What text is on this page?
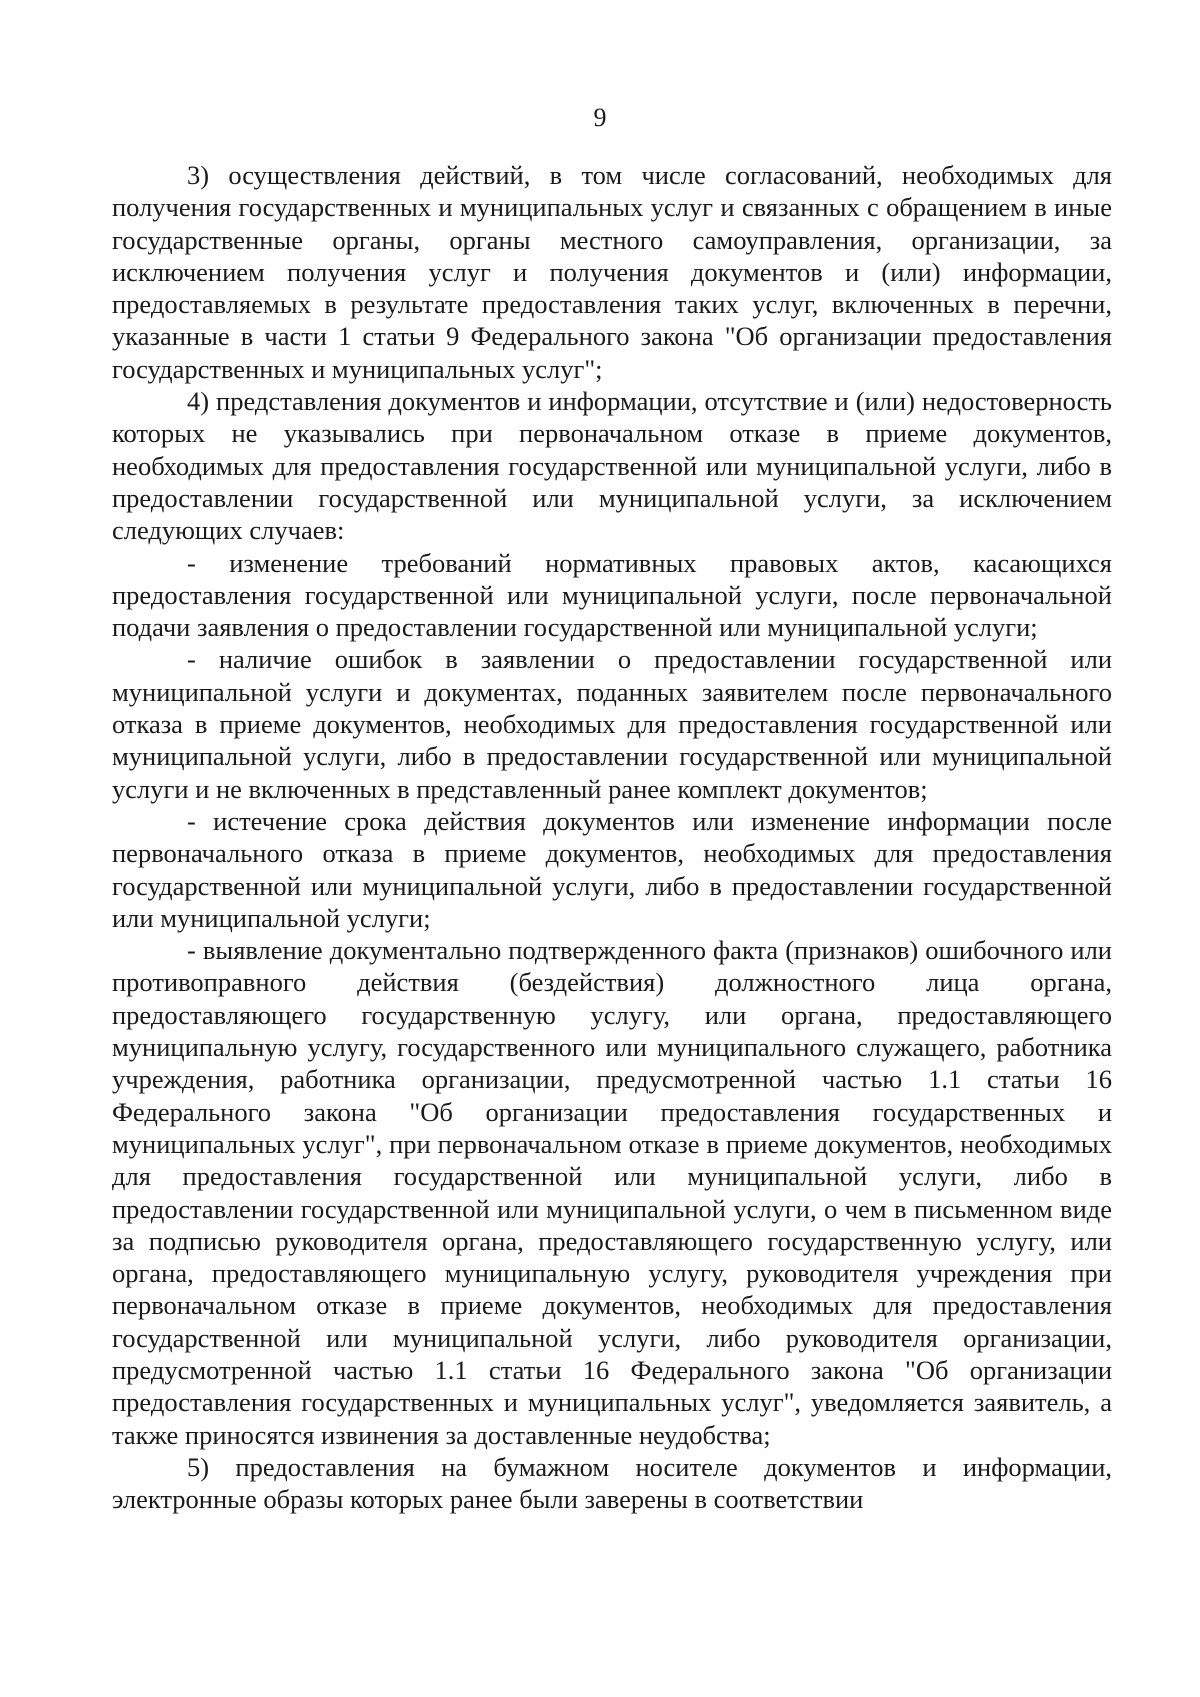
9

3) осуществления действий, в том числе согласований, необходимых для получения государственных и муниципальных услуг и связанных с обращением в иные государственные органы, органы местного самоуправления, организации, за исключением получения услуг и получения документов и (или) информации, предоставляемых в результате предоставления таких услуг, включенных в перечни, указанные в части 1 статьи 9 Федерального закона "Об организации предоставления государственных и муниципальных услуг";

4) представления документов и информации, отсутствие и (или) недостоверность которых не указывались при первоначальном отказе в приеме документов, необходимых для предоставления государственной или муниципальной услуги, либо в предоставлении государственной или муниципальной услуги, за исключением следующих случаев:

- изменение требований нормативных правовых актов, касающихся предоставления государственной или муниципальной услуги, после первоначальной подачи заявления о предоставлении государственной или муниципальной услуги;

- наличие ошибок в заявлении о предоставлении государственной или муниципальной услуги и документах, поданных заявителем после первоначального отказа в приеме документов, необходимых для предоставления государственной или муниципальной услуги, либо в предоставлении государственной или муниципальной услуги и не включенных в представленный ранее комплект документов;

- истечение срока действия документов или изменение информации после первоначального отказа в приеме документов, необходимых для предоставления государственной или муниципальной услуги, либо в предоставлении государственной или муниципальной услуги;

- выявление документально подтвержденного факта (признаков) ошибочного или противоправного действия (бездействия) должностного лица органа, предоставляющего государственную услугу, или органа, предоставляющего муниципальную услугу, государственного или муниципального служащего, работника учреждения, работника организации, предусмотренной частью 1.1 статьи 16 Федерального закона "Об организации предоставления государственных и муниципальных услуг", при первоначальном отказе в приеме документов, необходимых для предоставления государственной или муниципальной услуги, либо в предоставлении государственной или муниципальной услуги, о чем в письменном виде за подписью руководителя органа, предоставляющего государственную услугу, или органа, предоставляющего муниципальную услугу, руководителя учреждения при первоначальном отказе в приеме документов, необходимых для предоставления государственной или муниципальной услуги, либо руководителя организации, предусмотренной частью 1.1 статьи 16 Федерального закона "Об организации предоставления государственных и муниципальных услуг", уведомляется заявитель, а также приносятся извинения за доставленные неудобства;

5) предоставления на бумажном носителе документов и информации, электронные образы которых ранее были заверены в соответствии
